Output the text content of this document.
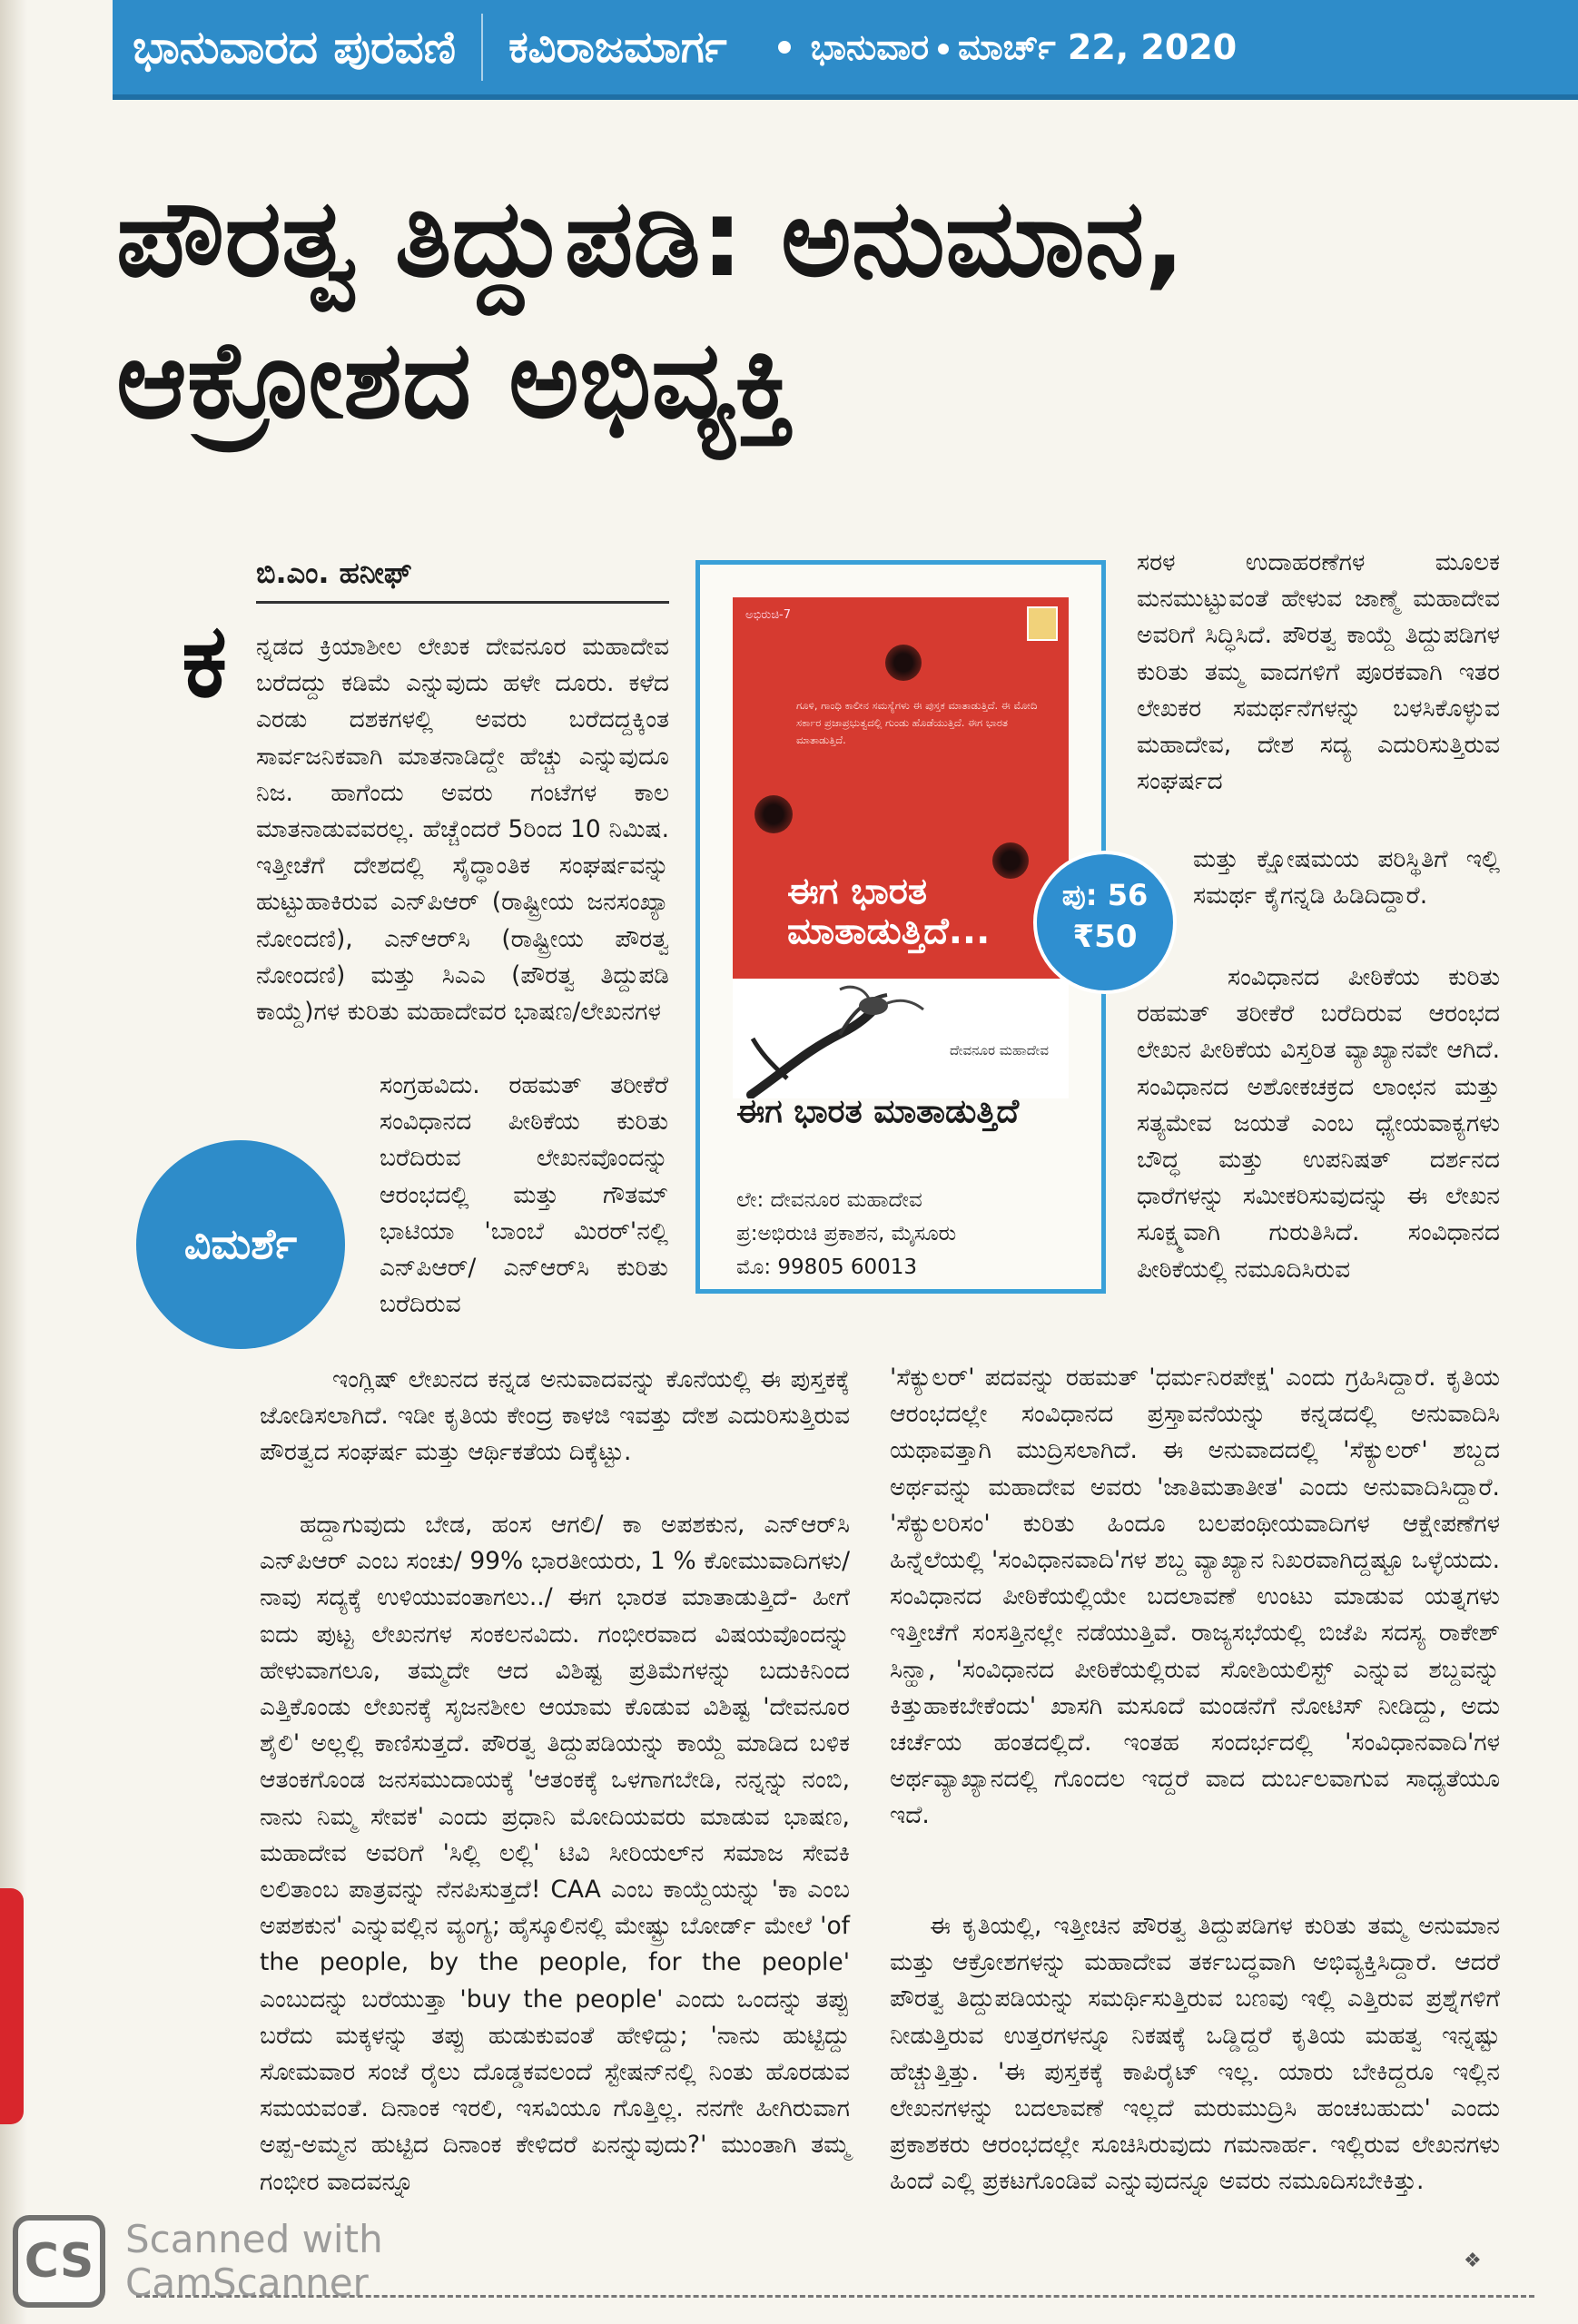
ಭಾನುವಾರದ ಪುರವಣಿ ಕವಿರಾಜಮಾರ್ಗ ಭಾನುವಾರ ಮಾರ್ಚ್ 22, 2020
ಪೌರತ್ವ ತಿದ್ದುಪಡಿ: ಅನುಮಾನ,
ಆಕ್ರೋಶದ ಅಭಿವ್ಯಕ್ತಿ
ಬಿ.ಎಂ. ಹನೀಫ್
ಕ ನ್ನಡದ ಕ್ರಿಯಾಶೀಲ ಲೇಖಕ ದೇವನೂರ ಮಹಾದೇವ ಬರೆದದ್ದು ಕಡಿಮೆ ಎನ್ನುವುದು ಹಳೇ ದೂರು. ಕಳೆದ ಎರಡು ದಶಕಗಳಲ್ಲಿ ಅವರು ಬರೆದದ್ದಕ್ಕಿಂತ ಸಾರ್ವಜನಿಕವಾಗಿ ಮಾತನಾಡಿದ್ದೇ ಹೆಚ್ಚು ಎನ್ನುವುದೂ ನಿಜ. ಹಾಗೆಂದು ಅವರು ಗಂಟೆಗಳ ಕಾಲ ಮಾತನಾಡುವವರಲ್ಲ. ಹೆಚ್ಚೆಂದರೆ 5ರಿಂದ 10 ನಿಮಿಷ. ಇತ್ತೀಚೆಗೆ ದೇಶದಲ್ಲಿ ಸೈದ್ಧಾಂತಿಕ ಸಂಘರ್ಷವನ್ನು ಹುಟ್ಟುಹಾಕಿರುವ ಎನ್‌ಪಿಆರ್ (ರಾಷ್ಟ್ರೀಯ ಜನಸಂಖ್ಯಾ ನೋಂದಣಿ), ಎನ್‌ಆರ್‌ಸಿ (ರಾಷ್ಟ್ರೀಯ ಪೌರತ್ವ ನೋಂದಣಿ) ಮತ್ತು ಸಿಎಎ (ಪೌರತ್ವ ತಿದ್ದುಪಡಿ ಕಾಯ್ದೆ)ಗಳ ಕುರಿತು ಮಹಾದೇವರ ಭಾಷಣ/ಲೇಖನಗಳ

ಸಂಗ್ರಹವಿದು. ರಹಮತ್ ತರೀಕೆರೆ ಸಂವಿಧಾನದ ಪೀಠಿಕೆಯ ಕುರಿತು ಬರೆದಿರುವ ಲೇಖನವೊಂದನ್ನು ಆರಂಭದಲ್ಲಿ ಮತ್ತು ಗೌತಮ್ ಭಾಟಿಯಾ 'ಬಾಂಬೆ ಮಿರರ್'ನಲ್ಲಿ ಎನ್‌ಪಿಆರ್/ ಎನ್‌ಆರ್‌ಸಿ ಕುರಿತು ಬರೆದಿರುವ

ಇಂಗ್ಲಿಷ್ ಲೇಖನದ ಕನ್ನಡ ಅನುವಾದವನ್ನು ಕೊನೆಯಲ್ಲಿ ಈ ಪುಸ್ತಕಕ್ಕೆ ಜೋಡಿಸಲಾಗಿದೆ. ಇಡೀ ಕೃತಿಯ ಕೇಂದ್ರ ಕಾಳಜಿ ಇವತ್ತು ದೇಶ ಎದುರಿಸುತ್ತಿರುವ ಪೌರತ್ವದ ಸಂಘರ್ಷ ಮತ್ತು ಆರ್ಥಿಕತೆಯ ದಿಕ್ಕೆಟ್ಟು.

ಹದ್ದಾಗುವುದು ಬೇಡ, ಹಂಸ ಆಗಲಿ/ ಕಾ ಅಪಶಕುನ, ಎನ್‌ಆರ್‌ಸಿ ಎನ್‌ಪಿಆರ್ ಎಂಬ ಸಂಚು/ 99% ಭಾರತೀಯರು, 1 % ಕೋಮುವಾದಿಗಳು/ ನಾವು ಸದ್ಯಕ್ಕೆ ಉಳಿಯುವಂತಾಗಲು../ ಈಗ ಭಾರತ ಮಾತಾಡುತ್ತಿದೆ- ಹೀಗೆ ಐದು ಪುಟ್ಟ ಲೇಖನಗಳ ಸಂಕಲನವಿದು. ಗಂಭೀರವಾದ ವಿಷಯವೊಂದನ್ನು ಹೇಳುವಾಗಲೂ, ತಮ್ಮದೇ ಆದ ವಿಶಿಷ್ಟ ಪ್ರತಿಮೆಗಳನ್ನು ಬದುಕಿನಿಂದ ಎತ್ತಿಕೊಂಡು ಲೇಖನಕ್ಕೆ ಸೃಜನಶೀಲ ಆಯಾಮ ಕೊಡುವ ವಿಶಿಷ್ಟ 'ದೇವನೂರ ಶೈಲಿ' ಅಲ್ಲಲ್ಲಿ ಕಾಣಿಸುತ್ತದೆ. ಪೌರತ್ವ ತಿದ್ದುಪಡಿಯನ್ನು ಕಾಯ್ದೆ ಮಾಡಿದ ಬಳಿಕ ಆತಂಕಗೊಂಡ ಜನಸಮುದಾಯಕ್ಕೆ 'ಆತಂಕಕ್ಕೆ ಒಳಗಾಗಬೇಡಿ, ನನ್ನನ್ನು ನಂಬಿ, ನಾನು ನಿಮ್ಮ ಸೇವಕ' ಎಂದು ಪ್ರಧಾನಿ ಮೋದಿಯವರು ಮಾಡುವ ಭಾಷಣ, ಮಹಾದೇವ ಅವರಿಗೆ 'ಸಿಲ್ಲಿ ಲಲ್ಲಿ' ಟಿವಿ ಸೀರಿಯಲ್‌ನ ಸಮಾಜ ಸೇವಕಿ ಲಲಿತಾಂಬ ಪಾತ್ರವನ್ನು ನೆನಪಿಸುತ್ತದೆ! CAA ಎಂಬ ಕಾಯ್ದೆಯನ್ನು 'ಕಾ ಎಂಬ ಅಪಶಕುನ' ಎನ್ನುವಲ್ಲಿನ ವ್ಯಂಗ್ಯ; ಹೈಸ್ಕೂಲಿನಲ್ಲಿ ಮೇಷ್ಟ್ರು ಬೋರ್ಡ್ ಮೇಲೆ 'of the people, by the people, for the people' ಎಂಬುದನ್ನು ಬರೆಯುತ್ತಾ 'buy the people' ಎಂದು ಒಂದನ್ನು ತಪ್ಪು ಬರೆದು ಮಕ್ಕಳನ್ನು ತಪ್ಪು ಹುಡುಕುವಂತೆ ಹೇಳಿದ್ದು; 'ನಾನು ಹುಟ್ಟಿದ್ದು ಸೋಮವಾರ ಸಂಜೆ ರೈಲು ದೊಡ್ಡಕವಲಂದೆ ಸ್ಟೇಷನ್‌ನಲ್ಲಿ ನಿಂತು ಹೊರಡುವ ಸಮಯವಂತೆ. ದಿನಾಂಕ ಇರಲಿ, ಇಸವಿಯೂ ಗೊತ್ತಿಲ್ಲ. ನನಗೇ ಹೀಗಿರುವಾಗ ಅಪ್ಪ-ಅಮ್ಮನ ಹುಟ್ಟಿದ ದಿನಾಂಕ ಕೇಳಿದರೆ ಏನನ್ನುವುದು?' ಮುಂತಾಗಿ ತಮ್ಮ ಗಂಭೀರ ವಾದವನ್ನೂ

ಸರಳ ಉದಾಹರಣೆಗಳ ಮೂಲಕ ಮನಮುಟ್ಟುವಂತೆ ಹೇಳುವ ಜಾಣ್ಮೆ ಮಹಾದೇವ ಅವರಿಗೆ ಸಿದ್ಧಿಸಿದೆ. ಪೌರತ್ವ ಕಾಯ್ದೆ ತಿದ್ದುಪಡಿಗಳ ಕುರಿತು ತಮ್ಮ ವಾದಗಳಿಗೆ ಪೂರಕವಾಗಿ ಇತರ ಲೇಖಕರ ಸಮರ್ಥನೆಗಳನ್ನು ಬಳಸಿಕೊಳ್ಳುವ ಮಹಾದೇವ, ದೇಶ ಸದ್ಯ ಎದುರಿಸುತ್ತಿರುವ ಸಂಘರ್ಷದ

ಮತ್ತು ಕ್ಷೋಷಮಯ ಪರಿಸ್ಥಿತಿಗೆ ಇಲ್ಲಿ ಸಮರ್ಥ ಕೈಗನ್ನಡಿ ಹಿಡಿದಿದ್ದಾರೆ.

ಸಂವಿಧಾನದ ಪೀಠಿಕೆಯ ಕುರಿತು ರಹಮತ್ ತರೀಕೆರೆ ಬರೆದಿರುವ ಆರಂಭದ ಲೇಖನ ಪೀಠಿಕೆಯ ವಿಸ್ತರಿತ ವ್ಯಾಖ್ಯಾನವೇ ಆಗಿದೆ. ಸಂವಿಧಾನದ ಅಶೋಕಚಕ್ರದ ಲಾಂಛನ ಮತ್ತು ಸತ್ಯಮೇವ ಜಯತೆ ಎಂಬ ಧ್ಯೇಯವಾಕ್ಯಗಳು ಬೌದ್ಧ ಮತ್ತು ಉಪನಿಷತ್ ದರ್ಶನದ ಧಾರೆಗಳನ್ನು ಸಮೀಕರಿಸುವುದನ್ನು ಈ ಲೇಖನ ಸೂಕ್ಷ್ಮವಾಗಿ ಗುರುತಿಸಿದೆ. ಸಂವಿಧಾನದ ಪೀಠಿಕೆಯಲ್ಲಿ ನಮೂದಿಸಿರುವ

'ಸೆಕ್ಯುಲರ್' ಪದವನ್ನು ರಹಮತ್ 'ಧರ್ಮನಿರಪೇಕ್ಷ' ಎಂದು ಗ್ರಹಿಸಿದ್ದಾರೆ. ಕೃತಿಯ ಆರಂಭದಲ್ಲೇ ಸಂವಿಧಾನದ ಪ್ರಸ್ತಾವನೆಯನ್ನು ಕನ್ನಡದಲ್ಲಿ ಅನುವಾದಿಸಿ ಯಥಾವತ್ತಾಗಿ ಮುದ್ರಿಸಲಾಗಿದೆ. ಈ ಅನುವಾದದಲ್ಲಿ 'ಸೆಕ್ಯುಲರ್' ಶಬ್ದದ ಅರ್ಥವನ್ನು ಮಹಾದೇವ ಅವರು 'ಜಾತಿಮತಾತೀತ' ಎಂದು ಅನುವಾದಿಸಿದ್ದಾರೆ. 'ಸೆಕ್ಯುಲರಿಸಂ' ಕುರಿತು ಹಿಂದೂ ಬಲಪಂಥೀಯವಾದಿಗಳ ಆಕ್ಷೇಪಣೆಗಳ ಹಿನ್ನೆಲೆಯಲ್ಲಿ 'ಸಂವಿಧಾನವಾದಿ'ಗಳ ಶಬ್ದ ವ್ಯಾಖ್ಯಾನ ನಿಖರವಾಗಿದ್ದಷ್ಟೂ ಒಳ್ಳೆಯದು. ಸಂವಿಧಾನದ ಪೀಠಿಕೆಯಲ್ಲಿಯೇ ಬದಲಾವಣೆ ಉಂಟು ಮಾಡುವ ಯತ್ನಗಳು ಇತ್ತೀಚೆಗೆ ಸಂಸತ್ತಿನಲ್ಲೇ ನಡೆಯುತ್ತಿವೆ. ರಾಜ್ಯಸಭೆಯಲ್ಲಿ ಬಿಜೆಪಿ ಸದಸ್ಯ ರಾಕೇಶ್ ಸಿನ್ಹಾ, 'ಸಂವಿಧಾನದ ಪೀಠಿಕೆಯಲ್ಲಿರುವ ಸೋಶಿಯಲಿಸ್ಟ್ ಎನ್ನುವ ಶಬ್ದವನ್ನು ಕಿತ್ತುಹಾಕಬೇಕೆಂದು' ಖಾಸಗಿ ಮಸೂದೆ ಮಂಡನೆಗೆ ನೋಟಿಸ್ ನೀಡಿದ್ದು, ಅದು ಚರ್ಚೆಯ ಹಂತದಲ್ಲಿದೆ. ಇಂತಹ ಸಂದರ್ಭದಲ್ಲಿ 'ಸಂವಿಧಾನವಾದಿ'ಗಳ ಅರ್ಥವ್ಯಾಖ್ಯಾನದಲ್ಲಿ ಗೊಂದಲ ಇದ್ದರೆ ವಾದ ದುರ್ಬಲವಾಗುವ ಸಾಧ್ಯತೆಯೂ ಇದೆ.

ಈ ಕೃತಿಯಲ್ಲಿ, ಇತ್ತೀಚಿನ ಪೌರತ್ವ ತಿದ್ದುಪಡಿಗಳ ಕುರಿತು ತಮ್ಮ ಅನುಮಾನ ಮತ್ತು ಆಕ್ರೋಶಗಳನ್ನು ಮಹಾದೇವ ತರ್ಕಬದ್ಧವಾಗಿ ಅಭಿವ್ಯಕ್ತಿಸಿದ್ದಾರೆ. ಆದರೆ ಪೌರತ್ವ ತಿದ್ದುಪಡಿಯನ್ನು ಸಮರ್ಥಿಸುತ್ತಿರುವ ಬಣವು ಇಲ್ಲಿ ಎತ್ತಿರುವ ಪ್ರಶ್ನೆಗಳಿಗೆ ನೀಡುತ್ತಿರುವ ಉತ್ತರಗಳನ್ನೂ ನಿಕಷಕ್ಕೆ ಒಡ್ಡಿದ್ದರೆ ಕೃತಿಯ ಮಹತ್ವ ಇನ್ನಷ್ಟು ಹೆಚ್ಚುತ್ತಿತ್ತು. 'ಈ ಪುಸ್ತಕಕ್ಕೆ ಕಾಪಿರೈಟ್ ಇಲ್ಲ. ಯಾರು ಬೇಕಿದ್ದರೂ ಇಲ್ಲಿನ ಲೇಖನಗಳನ್ನು ಬದಲಾವಣೆ ಇಲ್ಲದೆ ಮರುಮುದ್ರಿಸಿ ಹಂಚಬಹುದು' ಎಂದು ಪ್ರಕಾಶಕರು ಆರಂಭದಲ್ಲೇ ಸೂಚಿಸಿರುವುದು ಗಮನಾರ್ಹ. ಇಲ್ಲಿರುವ ಲೇಖನಗಳು ಹಿಂದೆ ಎಲ್ಲಿ ಪ್ರಕಟಗೊಂಡಿವೆ ಎನ್ನುವುದನ್ನೂ ಅವರು ನಮೂದಿಸಬೇಕಿತ್ತು.

ಅಭಿರುಚಿ-7
ಗೂಳಿ, ಗಾಂಧಿ ಕಾಲೀನ ಸಮಸ್ಯೆಗಳು ಈ ಪುಸ್ತಕ ಮಾತಾಡುತ್ತಿದೆ. ಈ ಮೋದಿ ಸರ್ಕಾರ ಪ್ರಜಾಪ್ರಭುತ್ವದಲ್ಲಿ ಗುಂಡು ಹೊಡೆಯುತ್ತಿದೆ. ಈಗ ಭಾರತ ಮಾತಾಡುತ್ತಿದೆ.
ಈಗ ಭಾರತ ಮಾತಾಡುತ್ತಿದೆ...
ದೇವನೂರ ಮಹಾದೇವ
ಈಗ ಭಾರತ ಮಾತಾಡುತ್ತಿದೆ
ಲೇ: ದೇವನೂರ ಮಹಾದೇವ
ಪ್ರ:ಅಭಿರುಚಿ ಪ್ರಕಾಶನ, ಮೈಸೂರು
ಮೊ: 99805 60013
ಪು: 56
₹50
ವಿಮರ್ಶೆ
❖
CS Scanned with
CamScanner
